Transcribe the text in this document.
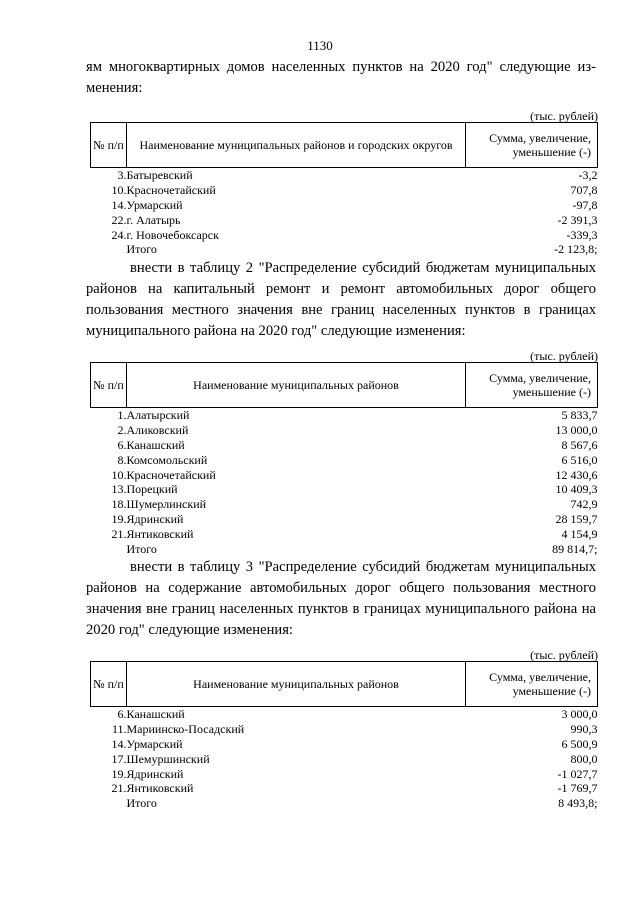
1130
ям многоквартирных домов населенных пунктов на 2020 год" следующие из-
менения:
(тыс. рублей)
№ п/п	Наименование муниципальных районов и городских округов	Сумма, увеличение, уменьшение (-)
3.	Батыревский	-3,2
10.	Красночетайский	707,8
14.	Урмарский	-97,8
22.	г. Алатырь	-2 391,3
24.	г. Новочебоксарск	-339,3
	Итого	-2 123,8;
внести в таблицу 2 "Распределение субсидий бюджетам муниципальных районов на капитальный ремонт и ремонт автомобильных дорог общего пользования местного значения вне границ населенных пунктов в границах муниципального района на 2020 год" следующие изменения:
(тыс. рублей)
№ п/п	Наименование муниципальных районов	Сумма, увеличение, уменьшение (-)
1.	Алатырский	5 833,7
2.	Аликовский	13 000,0
6.	Канашский	8 567,6
8.	Комсомольский	6 516,0
10.	Красночетайский	12 430,6
13.	Порецкий	10 409,3
18.	Шумерлинский	742,9
19.	Ядринский	28 159,7
21.	Янтиковский	4 154,9
	Итого	89 814,7;
внести в таблицу 3 "Распределение субсидий бюджетам муниципальных районов на содержание автомобильных дорог общего пользования местного значения вне границ населенных пунктов в границах муниципального района на 2020 год" следующие изменения:
(тыс. рублей)
№ п/п	Наименование муниципальных районов	Сумма, увеличение, уменьшение (-)
6.	Канашский	3 000,0
11.	Мариинско-Посадский	990,3
14.	Урмарский	6 500,9
17.	Шемуршинский	800,0
19.	Ядринский	-1 027,7
21.	Янтиковский	-1 769,7
	Итого	8 493,8;
